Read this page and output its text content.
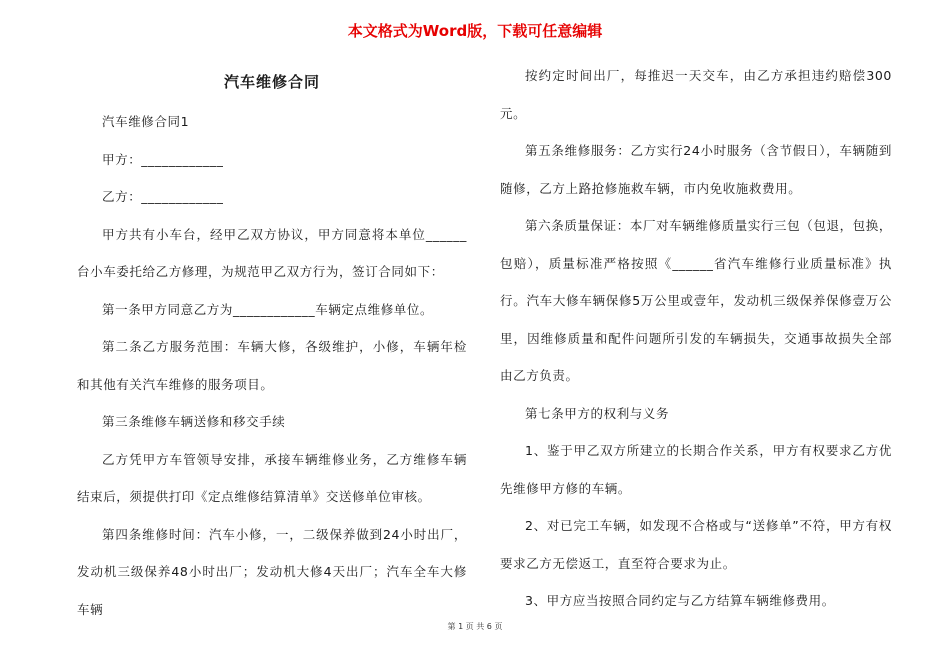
本文格式为Word版，下载可任意编辑
汽车维修合同

汽车维修合同1

甲方：____________

乙方：____________

甲方共有小车台，经甲乙双方协议，甲方同意将本单位______台小车委托给乙方修理，为规范甲乙双方行为，签订合同如下：

第一条甲方同意乙方为____________车辆定点维修单位。

第二条乙方服务范围：车辆大修，各级维护，小修，车辆年检和其他有关汽车维修的服务项目。

第三条维修车辆送修和移交手续

乙方凭甲方车管领导安排，承接车辆维修业务，乙方维修车辆结束后，须提供打印《定点维修结算清单》交送修单位审核。

第四条维修时间：汽车小修，一，二级保养做到24小时出厂，发动机三级保养48小时出厂；发动机大修4天出厂；汽车全车大修车辆

按约定时间出厂，每推迟一天交车，由乙方承担违约赔偿300元。

第五条维修服务：乙方实行24小时服务（含节假日），车辆随到随修，乙方上路抢修施救车辆，市内免收施救费用。

第六条质量保证：本厂对车辆维修质量实行三包（包退，包换，包赔），质量标准严格按照《______省汽车维修行业质量标准》执行。汽车大修车辆保修5万公里或壹年，发动机三级保养保修壹万公里，因维修质量和配件问题所引发的车辆损失，交通事故损失全部由乙方负责。

第七条甲方的权利与义务

1、鉴于甲乙双方所建立的长期合作关系，甲方有权要求乙方优先维修甲方修的车辆。

2、对已完工车辆，如发现不合格或与“送修单”不符，甲方有权要求乙方无偿返工，直至符合要求为止。

3、甲方应当按照合同约定与乙方结算车辆维修费用。

第 1 页 共 6 页
